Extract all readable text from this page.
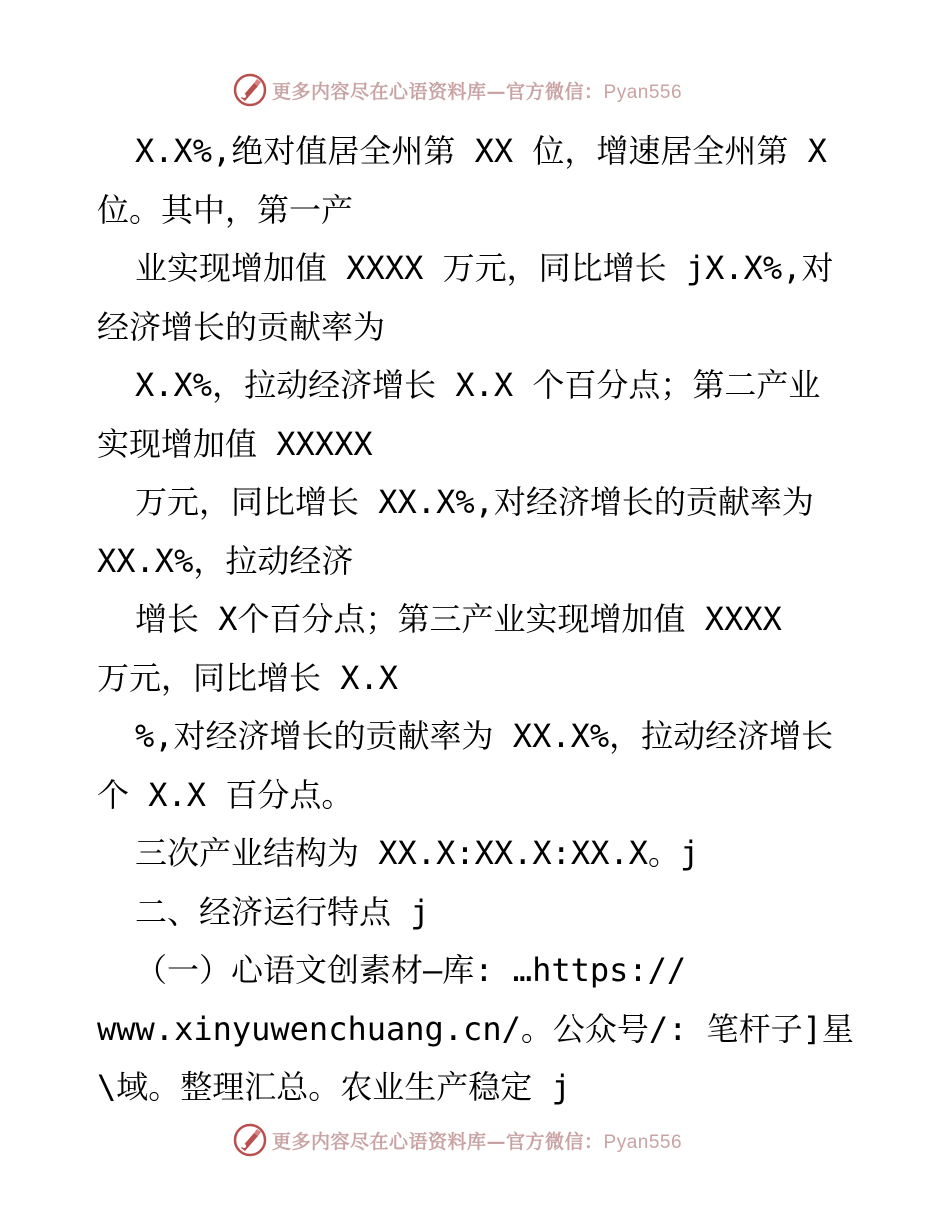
更多内容尽在心语资料库—官方微信：Pyan556
X.X%,绝对值居全州第 XX 位，增速居全州第 X
位。其中，第一产
业实现增加值 XXXX 万元，同比增长 jX.X%,对
经济增长的贡献率为
X.X%，拉动经济增长 X.X 个百分点；第二产业
实现增加值 XXXXX
万元，同比增长 XX.X%,对经济增长的贡献率为
XX.X%，拉动经济
增长 X个百分点；第三产业实现增加值 XXXX
万元，同比增长 X.X
%,对经济增长的贡献率为 XX.X%，拉动经济增长
个 X.X 百分点。
三次产业结构为 XX.X:XX.X:XX.X。j
二、经济运行特点 j
（一）心语文创素材—库: …https://
www.xinyuwenchuang.cn/。公众号/: 笔杆子]星
\域。整理汇总。农业生产稳定 j
更多内容尽在心语资料库—官方微信：Pyan556
